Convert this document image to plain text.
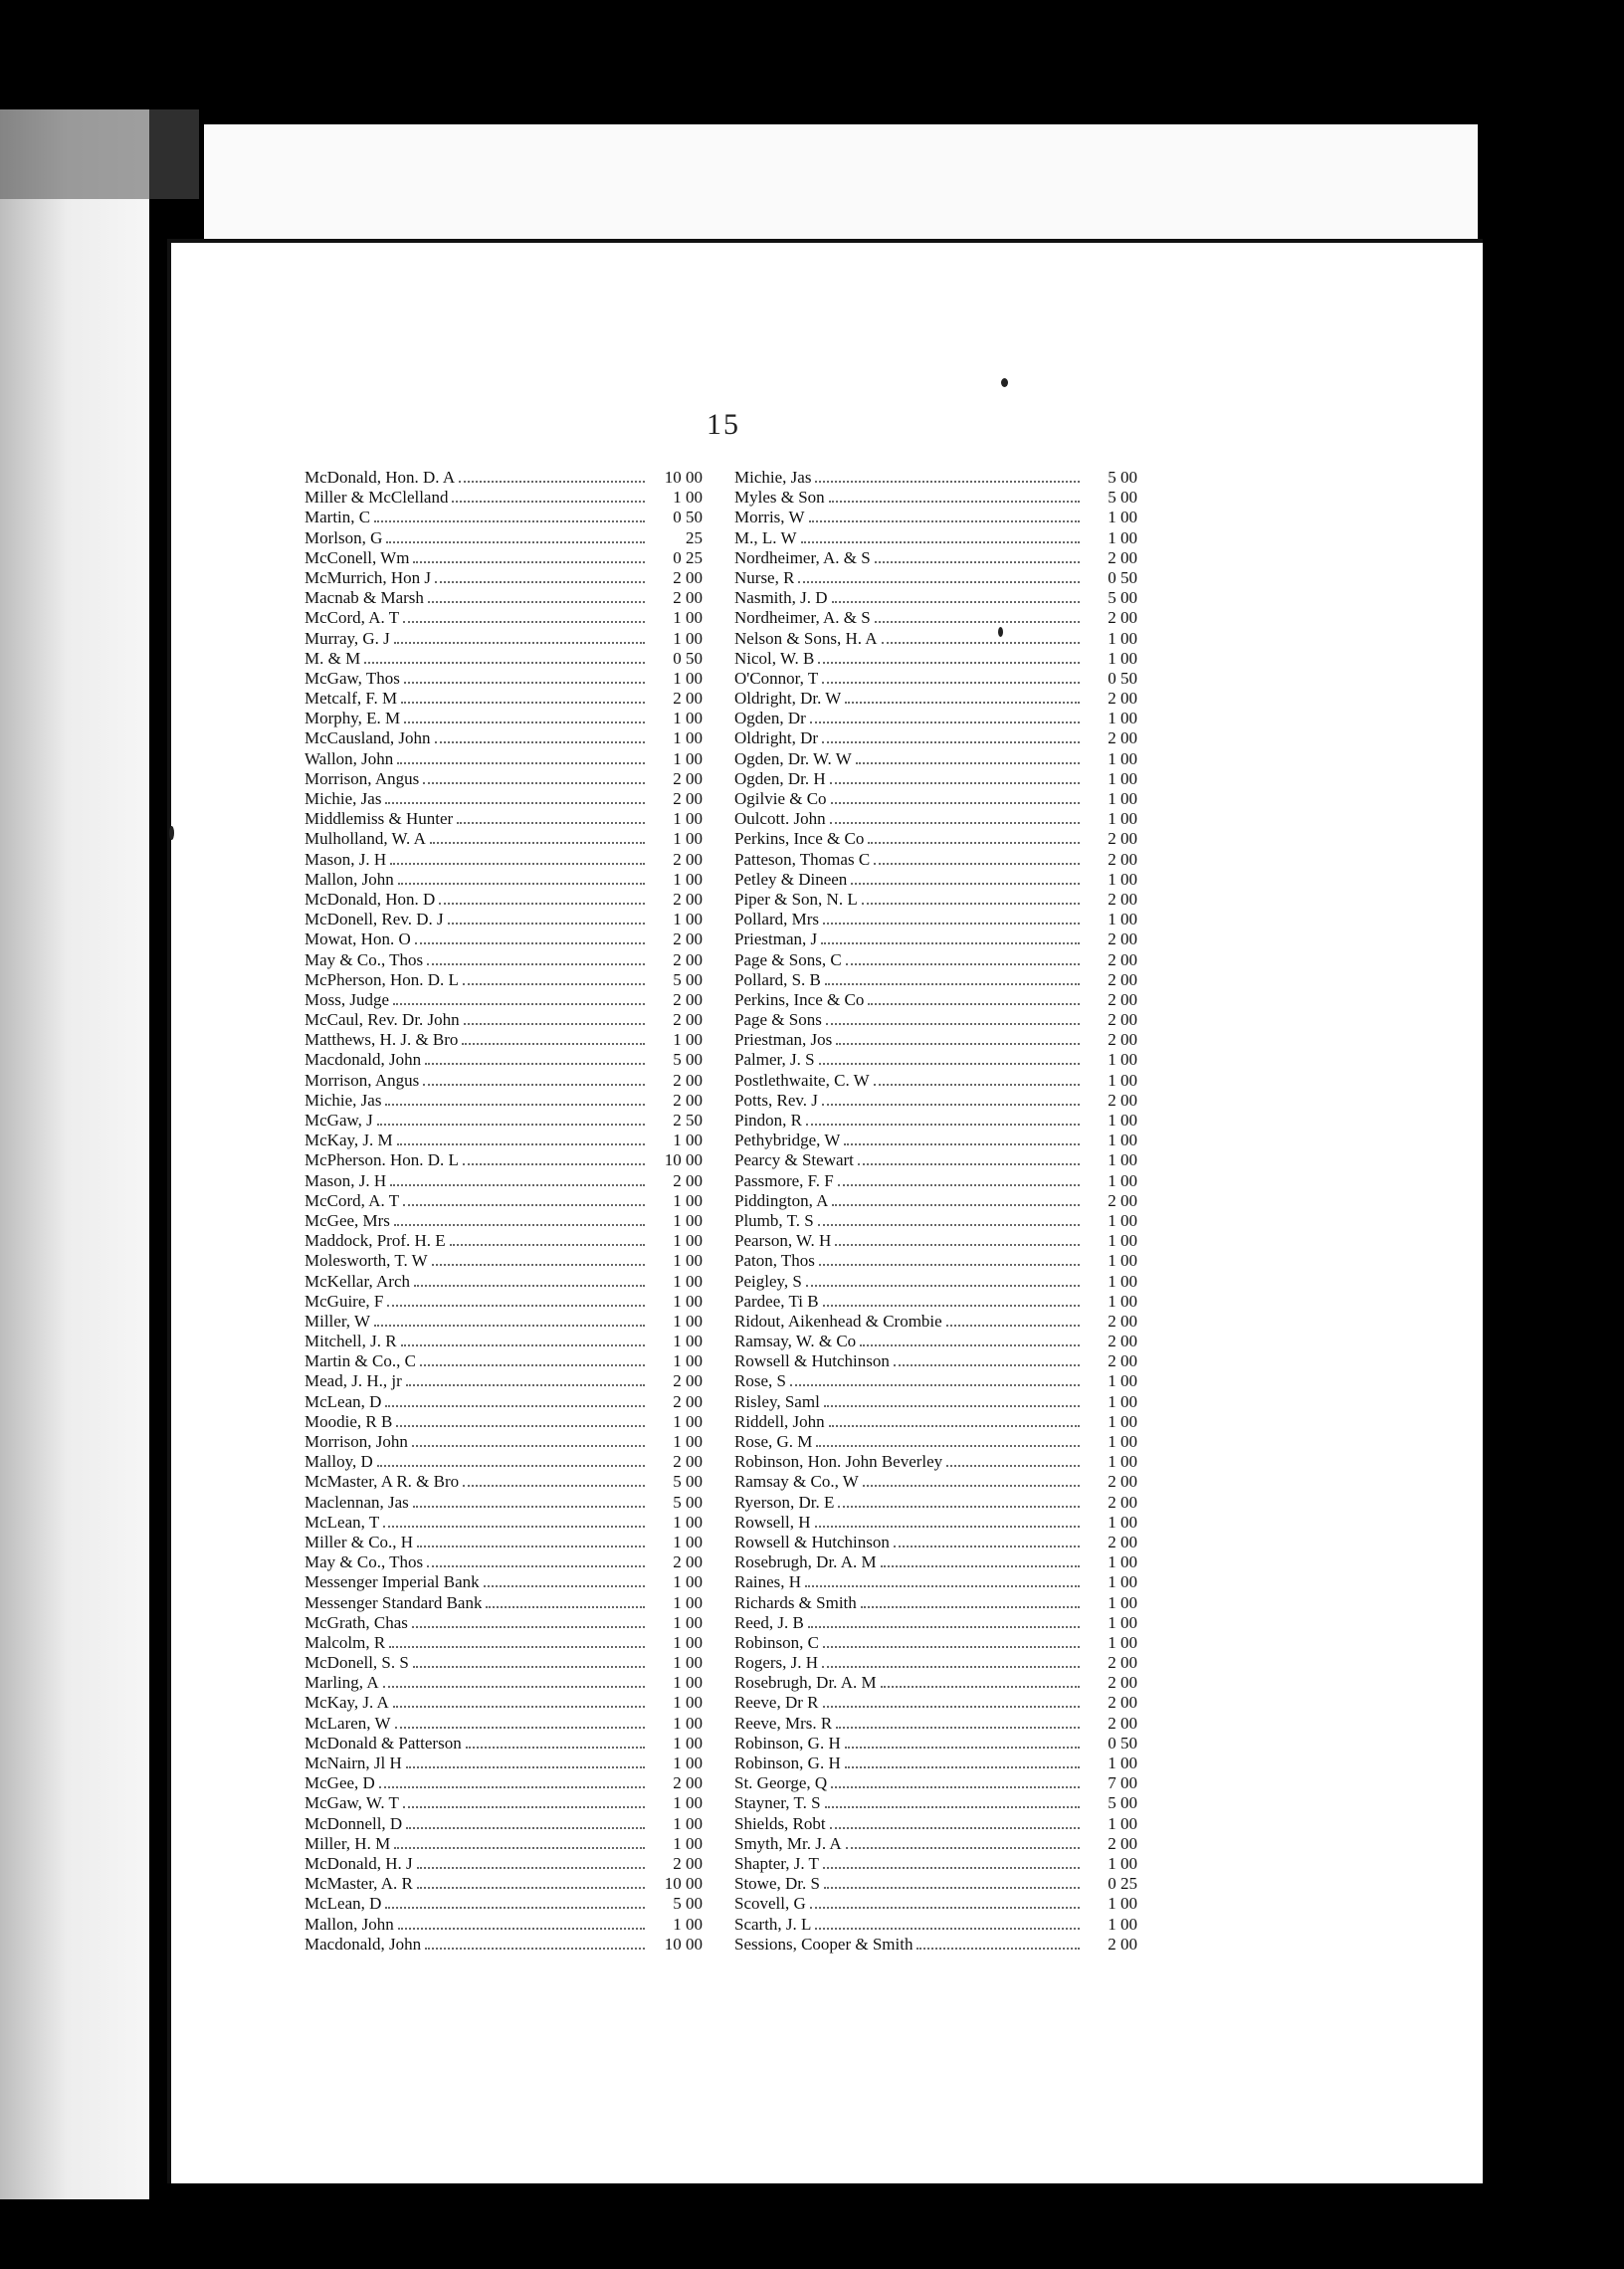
15
McDonald, Hon. D. A	10 00
Miller & McClelland	1 00
Martin, C	0 50
Morlson, G	25
McConell, Wm	0 25
McMurrich, Hon J	2 00
Macnab & Marsh	2 00
McCord, A. T	1 00
Murray, G. J	1 00
M. & M	0 50
McGaw, Thos	1 00
Metcalf, F. M	2 00
Morphy, E. M	1 00
McCausland, John	1 00
Wallon, John	1 00
Morrison, Angus	2 00
Michie, Jas	2 00
Middlemiss & Hunter	1 00
Mulholland, W. A	1 00
Mason, J. H	2 00
Mallon, John	1 00
McDonald, Hon. D	2 00
McDonell, Rev. D. J	1 00
Mowat, Hon. O	2 00
May & Co., Thos	2 00
McPherson, Hon. D. L	5 00
Moss, Judge	2 00
McCaul, Rev. Dr. John	2 00
Matthews, H. J. & Bro	1 00
Macdonald, John	5 00
Morrison, Angus	2 00
Michie, Jas	2 00
McGaw, J	2 50
McKay, J. M	1 00
McPherson. Hon. D. L	10 00
Mason, J. H	2 00
McCord, A. T	1 00
McGee, Mrs	1 00
Maddock, Prof. H. E	1 00
Molesworth, T. W	1 00
McKellar, Arch	1 00
McGuire, F	1 00
Miller, W	1 00
Mitchell, J. R	1 00
Martin & Co., C	1 00
Mead, J. H., jr	2 00
McLean, D	2 00
Moodie, R B	1 00
Morrison, John	1 00
Malloy, D	2 00
McMaster, A R. & Bro	5 00
Maclennan, Jas	5 00
McLean, T	1 00
Miller & Co., H	1 00
May & Co., Thos	2 00
Messenger Imperial Bank	1 00
Messenger Standard Bank	1 00
McGrath, Chas	1 00
Malcolm, R	1 00
McDonell, S. S	1 00
Marling, A	1 00
McKay, J. A	1 00
McLaren, W	1 00
McDonald & Patterson	1 00
McNairn, Jl H	1 00
McGee, D	2 00
McGaw, W. T	1 00
McDonnell, D	1 00
Miller, H. M	1 00
McDonald, H. J	2 00
McMaster, A. R	10 00
McLean, D	5 00
Mallon, John	1 00
Macdonald, John	10 00
Michie, Jas	5 00
Myles & Son	5 00
Morris, W	1 00
M., L. W	1 00
Nordheimer, A. & S	2 00
Nurse, R	0 50
Nasmith, J. D	5 00
Nordheimer, A. & S	2 00
Nelson & Sons, H. A	1 00
Nicol, W. B	1 00
O'Connor, T	0 50
Oldright, Dr. W	2 00
Ogden, Dr	1 00
Oldright, Dr	2 00
Ogden, Dr. W. W	1 00
Ogden, Dr. H	1 00
Ogilvie & Co	1 00
Oulcott. John	1 00
Perkins, Ince & Co	2 00
Patteson, Thomas C	2 00
Petley & Dineen	1 00
Piper & Son, N. L	2 00
Pollard, Mrs	1 00
Priestman, J	2 00
Page & Sons, C	2 00
Pollard, S. B	2 00
Perkins, Ince & Co	2 00
Page & Sons	2 00
Priestman, Jos	2 00
Palmer, J. S	1 00
Postlethwaite, C. W	1 00
Potts, Rev. J	2 00
Pindon, R	1 00
Pethybridge, W	1 00
Pearcy & Stewart	1 00
Passmore, F. F	1 00
Piddington, A	2 00
Plumb, T. S	1 00
Pearson, W. H	1 00
Paton, Thos	1 00
Peigley, S	1 00
Pardee, Ti B	1 00
Ridout, Aikenhead & Crombie	2 00
Ramsay, W. & Co	2 00
Rowsell & Hutchinson	2 00
Rose, S	1 00
Risley, Saml	1 00
Riddell, John	1 00
Rose, G. M	1 00
Robinson, Hon. John Beverley	1 00
Ramsay & Co., W	2 00
Ryerson, Dr. E	2 00
Rowsell, H	1 00
Rowsell & Hutchinson	2 00
Rosebrugh, Dr. A. M	1 00
Raines, H	1 00
Richards & Smith	1 00
Reed, J. B	1 00
Robinson, C	1 00
Rogers, J. H	2 00
Rosebrugh, Dr. A. M	2 00
Reeve, Dr R	2 00
Reeve, Mrs. R	2 00
Robinson, G. H	0 50
Robinson, G. H	1 00
St. George, Q	7 00
Stayner, T. S	5 00
Shields, Robt	1 00
Smyth, Mr. J. A	2 00
Shapter, J. T	1 00
Stowe, Dr. S	0 25
Scovell, G	1 00
Scarth, J. L	1 00
Sessions, Cooper & Smith	2 00
